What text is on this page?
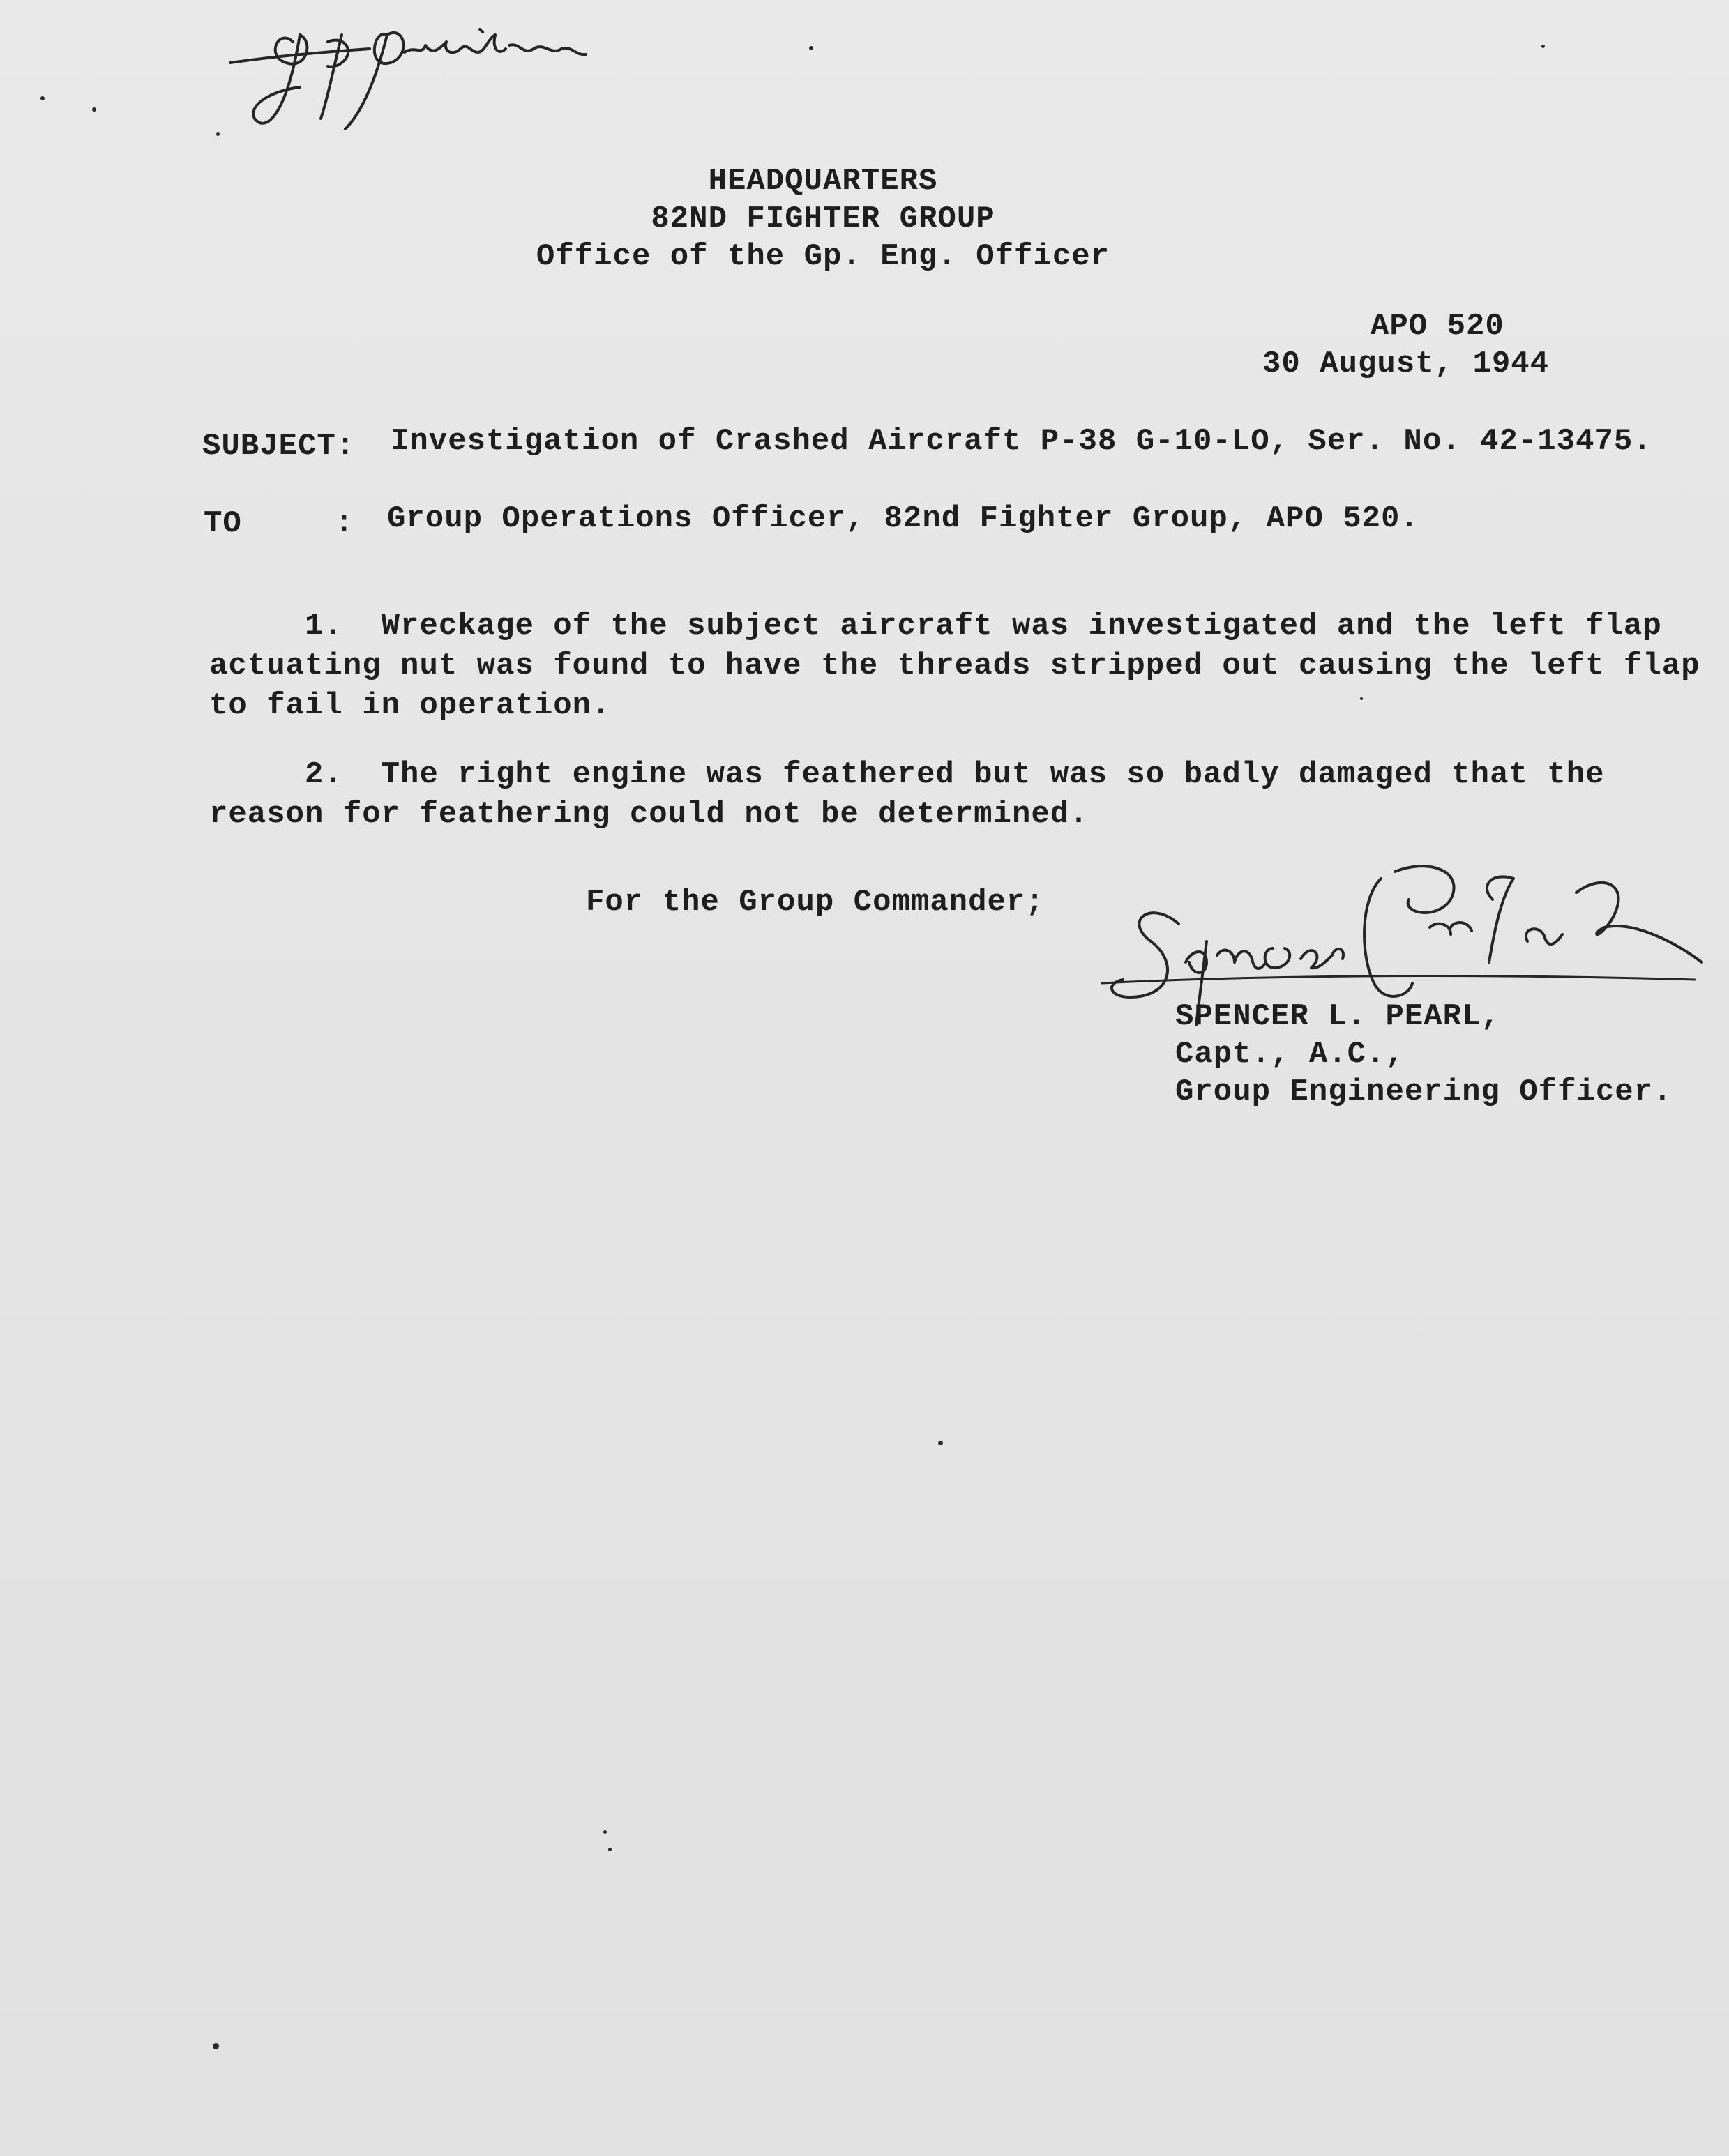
Gp. Operations
HEADQUARTERS
82ND FIGHTER GROUP
Office of the Gp. Eng. Officer
APO 520
30 August, 1944
SUBJECT: Investigation of Crashed Aircraft P-38 G-10-LO, Ser. No. 42-13475.
TO	: Group Operations Officer, 82nd Fighter Group, APO 520.
1.  Wreckage of the subject aircraft was investigated and the left flap
actuating nut was found to have the threads stripped out causing the left flap
to fail in operation.
2.  The right engine was feathered but was so badly damaged that the
reason for feathering could not be determined.
For the Group Commander;
Spencer L. Pearl
SPENCER L. PEARL,
Capt., A.C.,
Group Engineering Officer.
